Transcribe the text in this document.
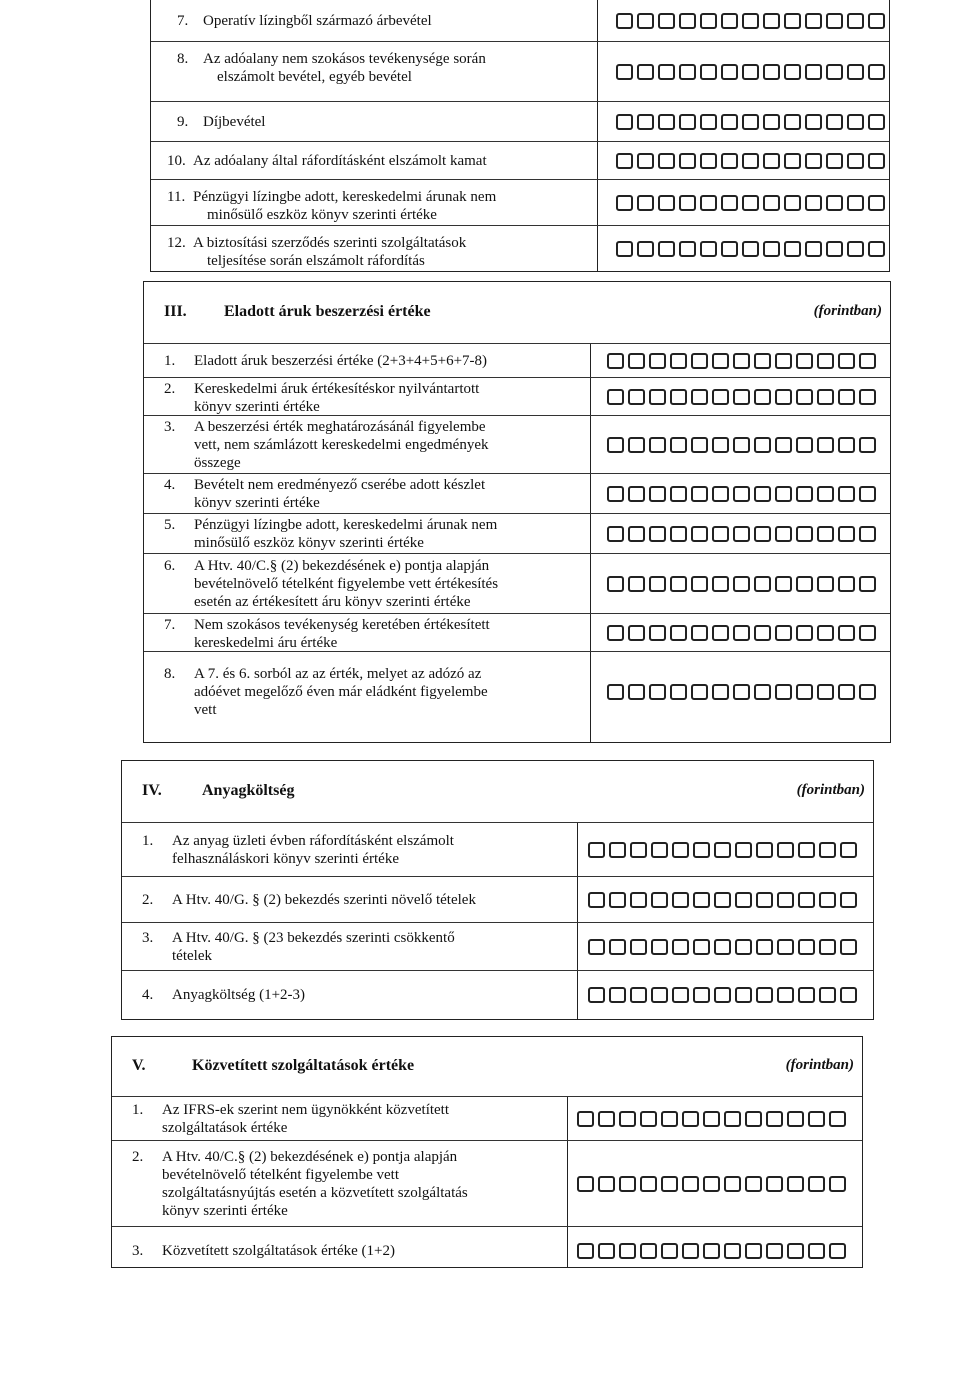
7. Operatív lízingből származó árbevétel
8. Az adóalany nem szokásos tevékenysége során
elszámolt bevétel, egyéb bevétel
9. Díjbevétel
10. Az adóalany által ráfordításként elszámolt kamat
11. Pénzügyi lízingbe adott, kereskedelmi árunak nem
minősülő eszköz könyv szerinti értéke
12. A biztosítási szerződés szerinti szolgáltatások
teljesítése során elszámolt ráfordítás
III. Eladott áruk beszerzési értéke	(forintban)
1. Eladott áruk beszerzési értéke (2+3+4+5+6+7-8)
2. Kereskedelmi áruk értékesítéskor nyilvántartott
könyv szerinti értéke
3. A beszerzési érték meghatározásánál figyelembe
vett, nem számlázott kereskedelmi engedmények
összege
4. Bevételt nem eredményező cserébe adott készlet
könyv szerinti értéke
5. Pénzügyi lízingbe adott, kereskedelmi árunak nem
minősülő eszköz könyv szerinti értéke
6. A Htv. 40/C.§ (2) bekezdésének e) pontja alapján
bevételnövelő tételként figyelembe vett értékesítés
esetén az értékesített áru könyv szerinti értéke
7. Nem szokásos tevékenység keretében értékesített
kereskedelmi áru értéke
8. A 7. és 6. sorból az az érték, melyet az adózó az
adóévet megelőző éven már eládként figyelembe
vett
IV.	Anyagköltség	(forintban)
1. Az anyag üzleti évben ráfordításként elszámolt
felhasználáskori könyv szerinti értéke
2. A Htv. 40/G. § (2) bekezdés szerinti növelő tételek
3. A Htv. 40/G. § (23 bekezdés szerinti csökkentő
tételek
4. Anyagköltség (1+2-3)
V.	Közvetített szolgáltatások értéke	(forintban)
1. Az IFRS-ek szerint nem ügynökként közvetített
szolgáltatások értéke
2. A Htv. 40/C.§ (2) bekezdésének e) pontja alapján
bevételnövelő tételként figyelembe vett
szolgáltatásnyújtás esetén a közvetített szolgáltatás
könyv szerinti értéke
3. Közvetített szolgáltatások értéke (1+2)
